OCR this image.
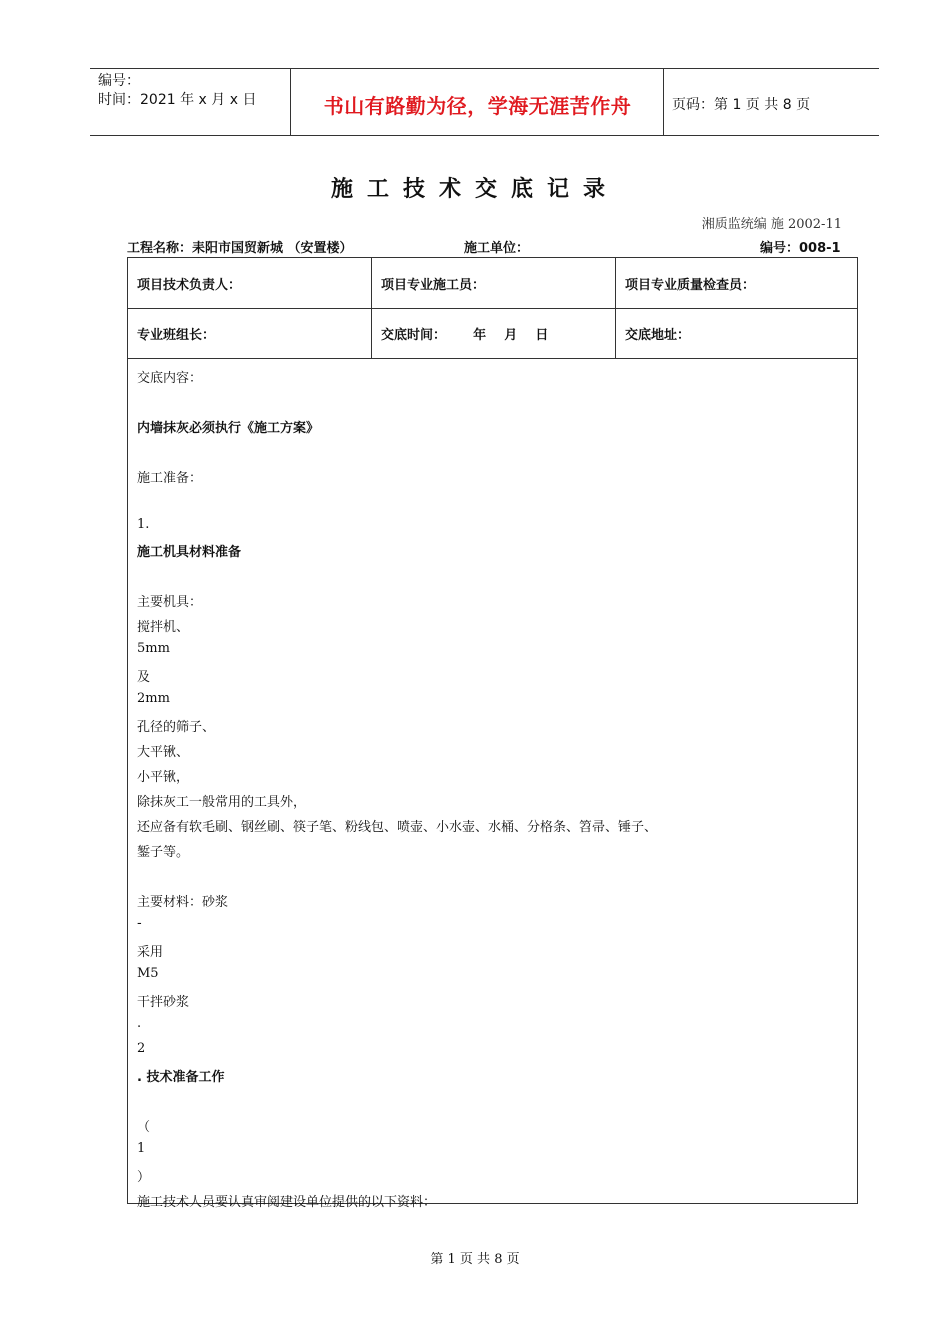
编号：
时间：2021 年 x 月 x 日	书山有路勤为径，学海无涯苦作舟	页码：第 1 页 共 8 页
施工技术交底记录
湘质监统编 施 2002-11
工程名称：耒阳市国贸新城 （安置楼）	施工单位：	编号：008-1
项目技术负责人：	项目专业施工员：	项目专业质量检查员：
专业班组长：	交底时间：      年    月    日	交底地址：
交底内容：
内墙抹灰必须执行《施工方案》
施工准备：
1.
施工机具材料准备
主要机具：
搅拌机、
5mm
及
2mm
孔径的筛子、
大平锹、
小平锹，
除抹灰工一般常用的工具外，
还应备有软毛刷、钢丝刷、筷子笔、粉线包、喷壶、小水壶、水桶、分格条、笤帚、锤子、
錾子等。
主要材料：砂浆
-
采用
M5
干拌砂浆
.
2
. 技术准备工作
（
1
）
施工技术人员要认真审阅建设单位提供的以下资料：
第 1 页 共 8 页
